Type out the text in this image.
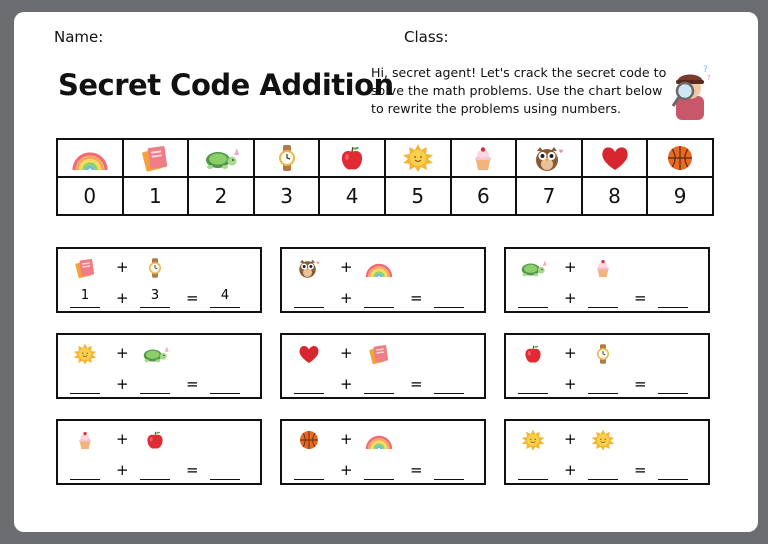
Name:	Class:
Secret Code Addition
Hi, secret agent! Let's crack the secret code to solve the math problems. Use the chart below to rewrite the problems using numbers.
?
?

0	1	2	3	4	5	6	7	8	9
+
1	+	3	=	4
+
+	=
+
+	=
+
+	=
+
+	=
+
+	=
+
+	=
+
+	=
+
+	=
